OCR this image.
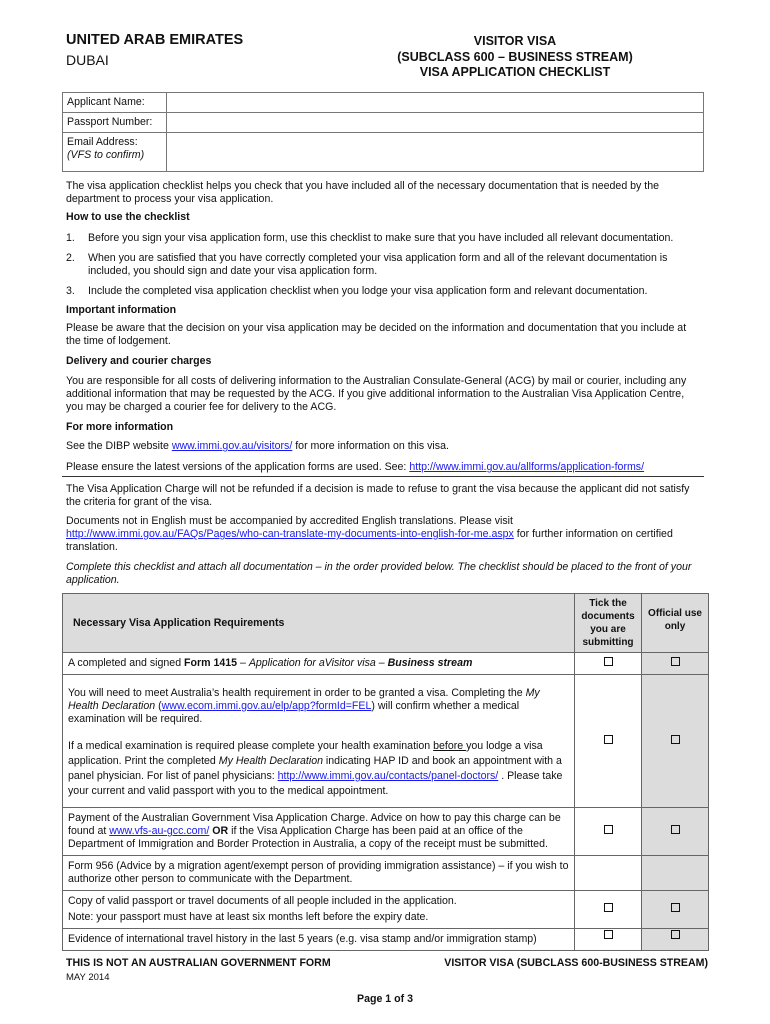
UNITED ARAB EMIRATES
DUBAI
VISITOR VISA
(SUBCLASS 600 – BUSINESS STREAM)
VISA APPLICATION CHECKLIST
Applicant Name:	
Passport Number:	

Email Address:
(VFS to confirm)	

The visa application checklist helps you check that you have included all of the necessary documentation that is needed by the department to process your visa application.
How to use the checklist
1. Before you sign your visa application form, use this checklist to make sure that you have included all relevant documentation.
2. When you are satisfied that you have correctly completed your visa application form and all of the relevant documentation is included, you should sign and date your visa application form.
3. Include the completed visa application checklist when you lodge your visa application form and relevant documentation.
Important information
Please be aware that the decision on your visa application may be decided on the information and documentation that you include at the time of lodgement.
Delivery and courier charges
You are responsible for all costs of delivering information to the Australian Consulate-General (ACG) by mail or courier, including any additional information that may be requested by the ACG. If you give additional information to the Australian Visa Application Centre, you may be charged a courier fee for delivery to the ACG.
For more information
See the DIBP website www.immi.gov.au/visitors/ for more information on this visa.
Please ensure the latest versions of the application forms are used. See: http://www.immi.gov.au/allforms/application-forms/
The Visa Application Charge will not be refunded if a decision is made to refuse to grant the visa because the applicant did not satisfy the criteria for grant of the visa.
Documents not in English must be accompanied by accredited English translations. Please visit http://www.immi.gov.au/FAQs/Pages/who-can-translate-my-documents-into-english-for-me.aspx for further information on certified translation.
Complete this checklist and attach all documentation – in the order provided below. The checklist should be placed to the front of your application.
Necessary Visa Application Requirements	Tick the documents you are submitting	Official use only
A completed and signed Form 1415 – Application for aVisitor visa – Business stream		

You will need to meet Australia’s health requirement in order to be granted a visa. Completing the My Health Declaration (www.ecom.immi.gov.au/elp/app?formId=FEL) will confirm whether a medical examination will be required.
If a medical examination is required please complete your health examination before you lodge a visa application. Print the completed My Health Declaration indicating HAP ID and book an appointment with a panel physician. For list of panel physicians: http://www.immi.gov.au/contacts/panel-doctors/ . Please take your current and valid passport with you to the medical appointment.		

Payment of the Australian Government Visa Application Charge. Advice on how to pay this charge can be found at www.vfs-au-gcc.com/ OR if the Visa Application Charge has been paid at an office of the Department of Immigration and Border Protection in Australia, a copy of the receipt must be submitted.		
Form 956 (Advice by a migration agent/exempt person of providing immigration assistance) – if you wish to authorize other person to communicate with the Department.		

Copy of valid passport or travel documents of all people included in the application.
Note: your passport must have at least six months left before the expiry date.		

Evidence of international travel history in the last 5 years (e.g. visa stamp and/or immigration stamp)		
THIS IS NOT AN AUSTRALIAN GOVERNMENT FORM
MAY 2014
VISITOR VISA (SUBCLASS 600-BUSINESS STREAM)
Page 1 of 3
